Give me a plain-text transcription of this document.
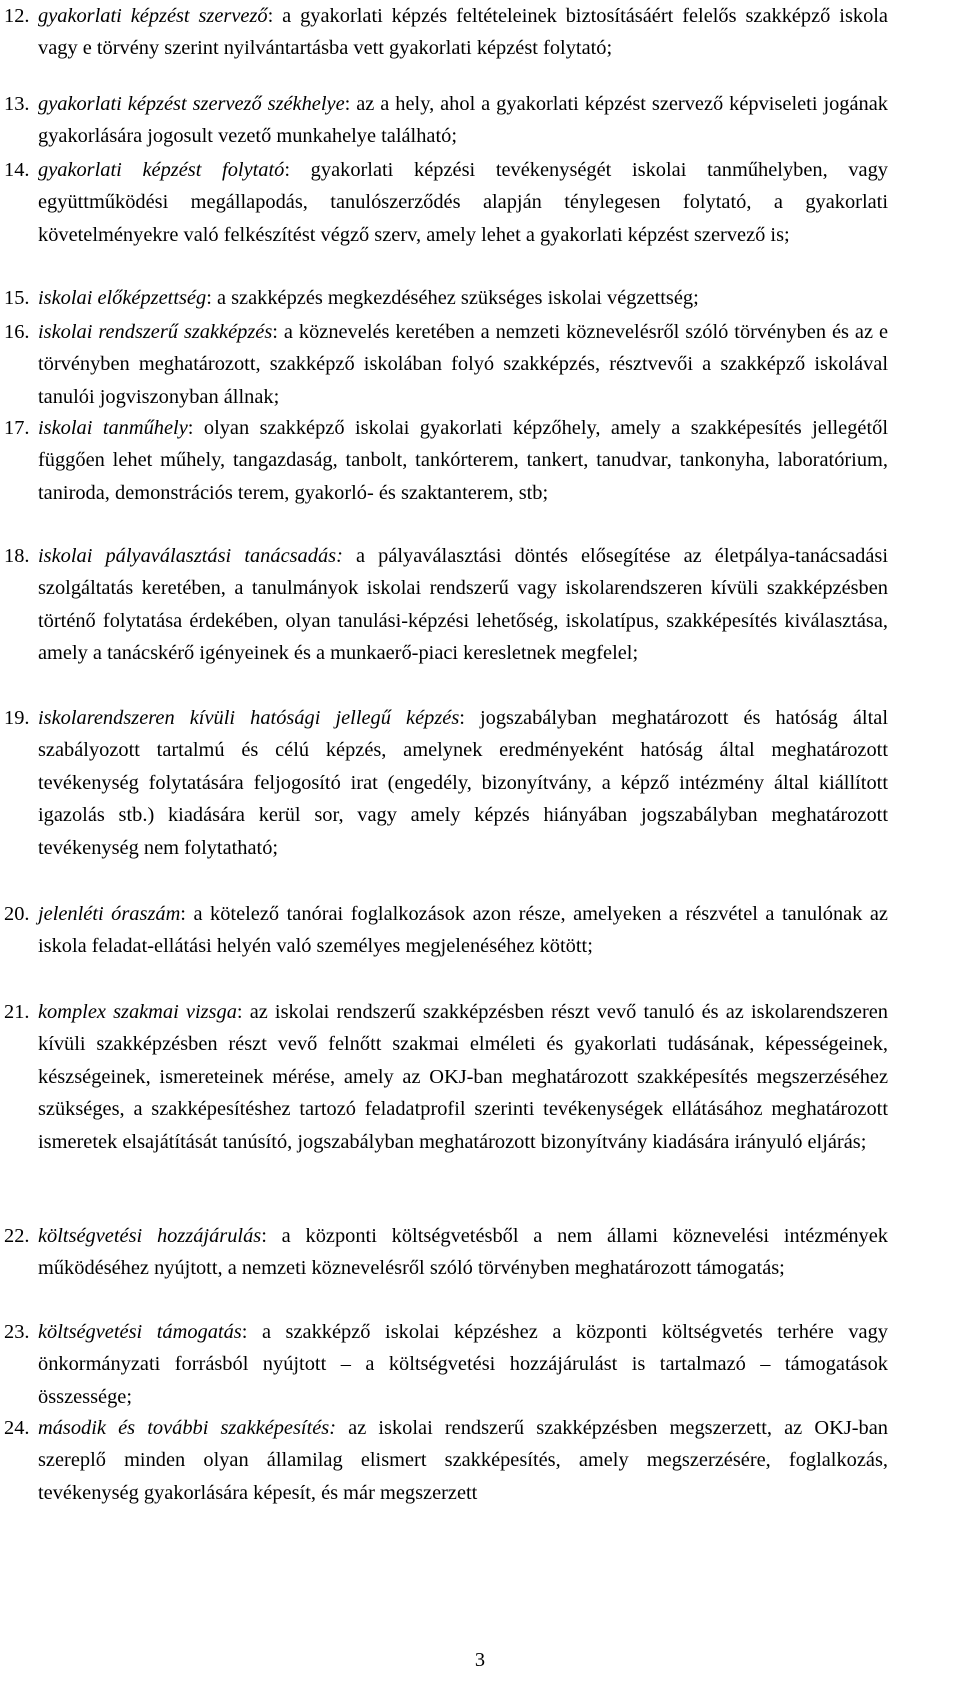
12. gyakorlati képzést szervező: a gyakorlati képzés feltételeinek biztosításáért felelős szakképző iskola vagy e törvény szerint nyilvántartásba vett gyakorlati képzést folytató;
13. gyakorlati képzést szervező székhelye: az a hely, ahol a gyakorlati képzést szervező képviseleti jogának gyakorlására jogosult vezető munkahelye található;
14. gyakorlati képzést folytató: gyakorlati képzési tevékenységét iskolai tanműhelyben, vagy együttműködési megállapodás, tanulószerződés alapján ténylegesen folytató, a gyakorlati követelményekre való felkészítést végző szerv, amely lehet a gyakorlati képzést szervező is;
15. iskolai előképzettség: a szakképzés megkezdéséhez szükséges iskolai végzettség;
16. iskolai rendszerű szakképzés: a köznevelés keretében a nemzeti köznevelésről szóló törvényben és az e törvényben meghatározott, szakképző iskolában folyó szakképzés, résztvevői a szakképző iskolával tanulói jogviszonyban állnak;
17. iskolai tanműhely: olyan szakképző iskolai gyakorlati képzőhely, amely a szakképesítés jellegétől függően lehet műhely, tangazdaság, tanbolt, tankórterem, tankert, tanudvar, tankonyha, laboratórium, taniroda, demonstrációs terem, gyakorló- és szaktanterem, stb;
18. iskolai pályaválasztási tanácsadás: a pályaválasztási döntés elősegítése az életpálya-tanácsadási szolgáltatás keretében, a tanulmányok iskolai rendszerű vagy iskolarendszeren kívüli szakképzésben történő folytatása érdekében, olyan tanulási-képzési lehetőség, iskolatípus, szakképesítés kiválasztása, amely a tanácskérő igényeinek és a munkaerő-piaci keresletnek megfelel;
19. iskolarendszeren kívüli hatósági jellegű képzés: jogszabályban meghatározott és hatóság által szabályozott tartalmú és célú képzés, amelynek eredményeként hatóság által meghatározott tevékenység folytatására feljogosító irat (engedély, bizonyítvány, a képző intézmény által kiállított igazolás stb.) kiadására kerül sor, vagy amely képzés hiányában jogszabályban meghatározott tevékenység nem folytatható;
20. jelenléti óraszám: a kötelező tanórai foglalkozások azon része, amelyeken a részvétel a tanulónak az iskola feladat-ellátási helyén való személyes megjelenéséhez kötött;
21. komplex szakmai vizsga: az iskolai rendszerű szakképzésben részt vevő tanuló és az iskolarendszeren kívüli szakképzésben részt vevő felnőtt szakmai elméleti és gyakorlati tudásának, képességeinek, készségeinek, ismereteinek mérése, amely az OKJ-ban meghatározott szakképesítés megszerzéséhez szükséges, a szakképesítéshez tartozó feladatprofil szerinti tevékenységek ellátásához meghatározott ismeretek elsajátítását tanúsító, jogszabályban meghatározott bizonyítvány kiadására irányuló eljárás;
22. költségvetési hozzájárulás: a központi költségvetésből a nem állami köznevelési intézmények működéséhez nyújtott, a nemzeti köznevelésről szóló törvényben meghatározott támogatás;
23. költségvetési támogatás: a szakképző iskolai képzéshez a központi költségvetés terhére vagy önkormányzati forrásból nyújtott – a költségvetési hozzájárulást is tartalmazó – támogatások összessége;
24. második és további szakképesítés: az iskolai rendszerű szakképzésben megszerzett, az OKJ-ban szereplő minden olyan államilag elismert szakképesítés, amely megszerzésére, foglalkozás, tevékenység gyakorlására képesít, és már megszerzett
3
